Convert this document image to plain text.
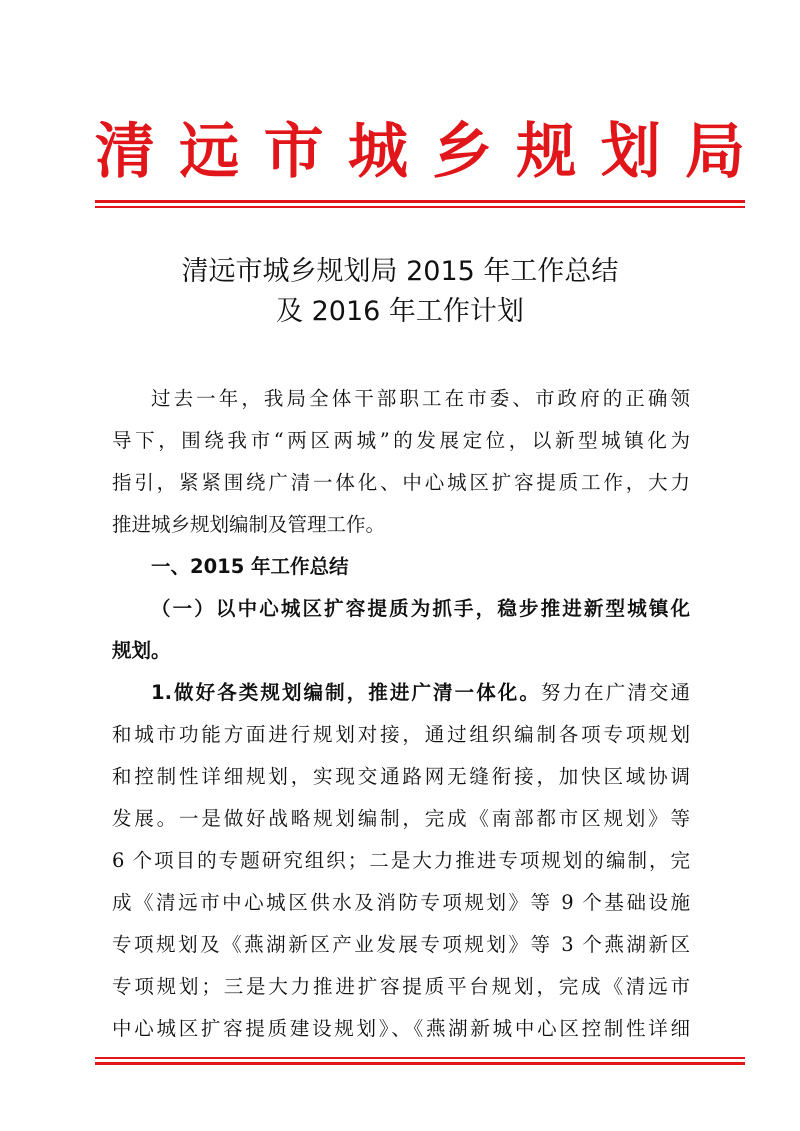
清 远 市 城 乡 规 划 局
清远市城乡规划局 2015 年工作总结
及 2016 年工作计划
过去一年，我局全体干部职工在市委、市政府的正确领
导下，围绕我市“两区两城”的发展定位，以新型城镇化为
指引，紧紧围绕广清一体化、中心城区扩容提质工作，大力
推进城乡规划编制及管理工作。
一、2015 年工作总结
（一）以中心城区扩容提质为抓手，稳步推进新型城镇化
规划。
1.做好各类规划编制，推进广清一体化。努力在广清交通
和城市功能方面进行规划对接，通过组织编制各项专项规划
和控制性详细规划，实现交通路网无缝衔接，加快区域协调
发展。一是做好战略规划编制，完成《南部都市区规划》等
6 个项目的专题研究组织；二是大力推进专项规划的编制，完
成《清远市中心城区供水及消防专项规划》等 9 个基础设施
专项规划及《燕湖新区产业发展专项规划》等 3 个燕湖新区
专项规划；三是大力推进扩容提质平台规划，完成《清远市
中心城区扩容提质建设规划》、《燕湖新城中心区控制性详细
